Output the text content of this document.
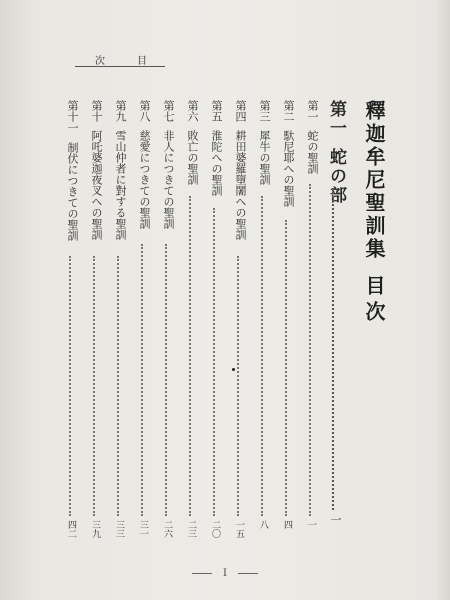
次	目
釋迦牟尼聖訓集目次
第一蛇の部
一
第一
蛇の聖訓
一
第二
馱尼耶への聖訓
四
第三
犀牛の聖訓
八
第四
耕田婆羅墮闍への聖訓
一五
第五
淮陀への聖訓
二〇
第六
敗亡の聖訓
二三
第七
非人につきての聖訓
二六
第八
慈愛につきての聖訓
三一
第九
雪山仲者に對する聖訓
三三
第十
阿吒婆迦夜叉への聖訓
三九
第十一
制伏につきての聖訓
四二
Ⅰ
